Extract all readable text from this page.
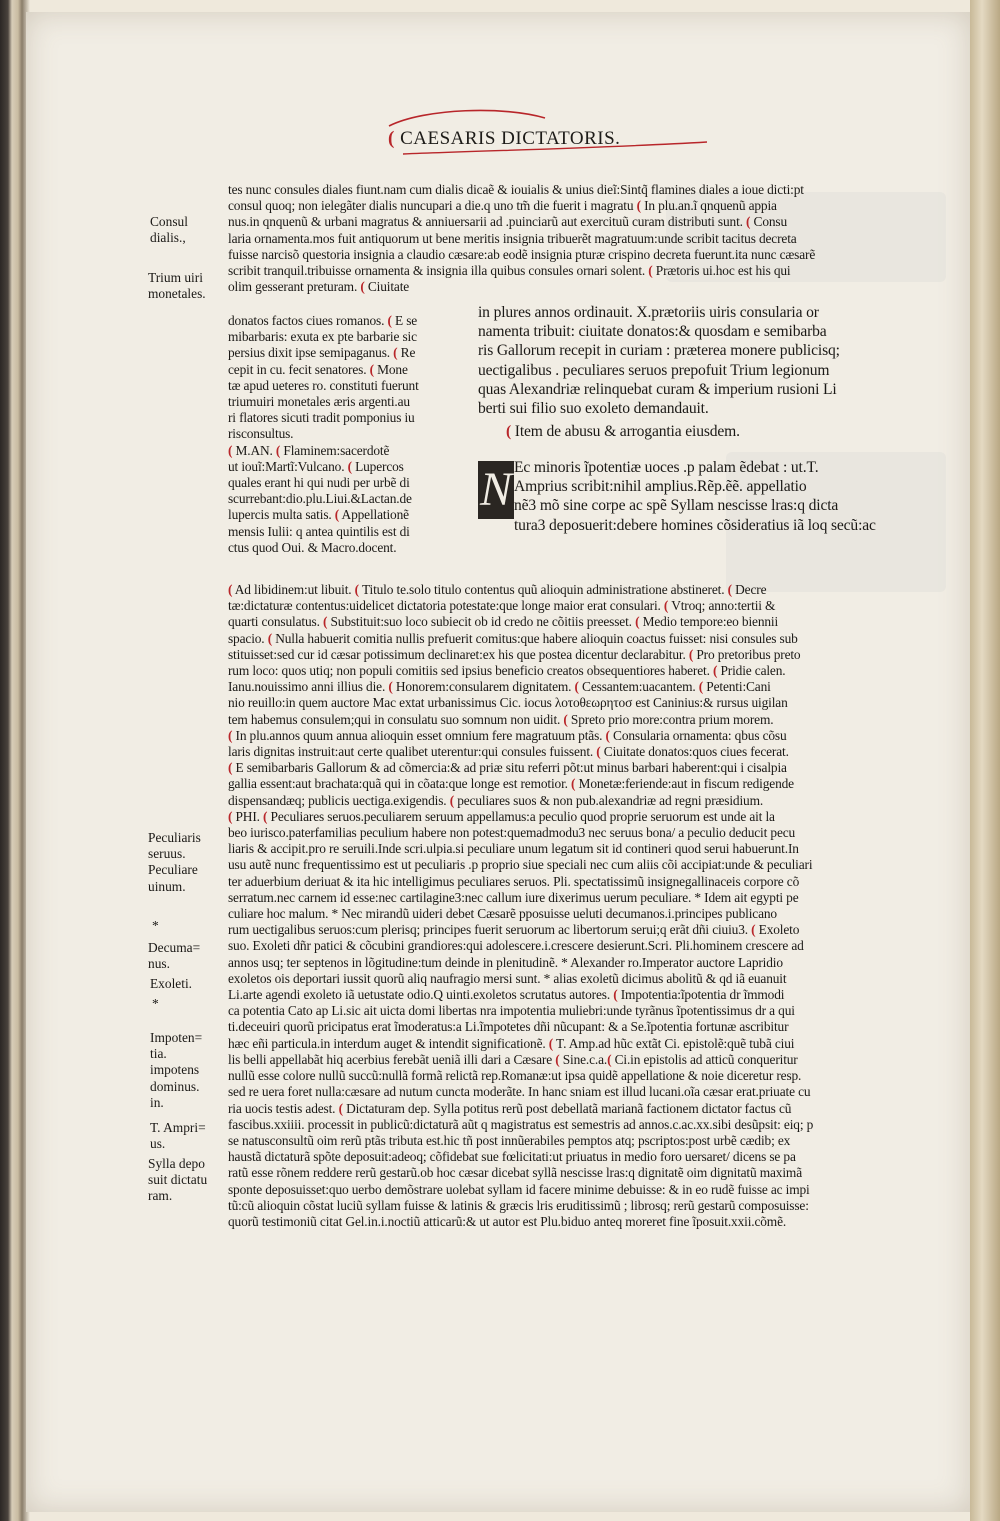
( CAESARIS DICTATORIS.

tes nunc consules diales fiunt.nam cum dialis dicaẽ & iouialis & unius dieĩ:Sintq̃ flamines diales a ioue dicti:pt

consul quoq; non ielegãter dialis nuncupari a die.q uno tm̃ die fuerit i magratu ( In plu.an.ĩ qnquenũ appia

nus.in qnquenũ & urbani magratus & anniuersarii ad .puinciarũ aut exercituũ curam distributi sunt. ( Consu

laria ornamenta.mos fuit antiquorum ut bene meritis insignia tribuerẽt magratuum:unde scribit tacitus decreta

fuisse narcisõ questoria insignia a claudio cæsare:ab eodẽ insignia pturæ crispino decreta fuerunt.ita nunc cæsarẽ

scribit tranquil.tribuisse ornamenta & insignia illa quibus consules ornari solent. ( Prætoris ui.hoc est his qui

olim gesserant preturam. ( Ciuitate

donatos factos ciues romanos. ( E se

mibarbaris: exuta ex pte barbarie sic

persius dixit ipse semipaganus. ( Re

cepit in cu. fecit senatores. ( Mone

tæ apud ueteres ro. constituti fuerunt

triumuiri monetales æris argenti.au

ri flatores sicuti tradit pomponius iu

risconsultus.

( M.AN. ( Flaminem:sacerdotẽ

ut iouĩ:Martĩ:Vulcano. ( Lupercos

quales erant hi qui nudi per urbẽ di

scurrebant:dio.plu.Liui.&Lactan.de

lupercis multa satis. ( Appellationẽ

mensis Iulii: q antea quintilis est di

ctus quod Oui. & Macro.docent.

in plures annos ordinauit. X.prætoriis uiris consularia or

namenta tribuit: ciuitate donatos:& quosdam e semibarba

ris Gallorum recepit in curiam : præterea monere publicisq;

uectigalibus . peculiares seruos prepofuit Trium legionum

quas Alexandriæ relinquebat curam & imperium rusioni Li

berti sui filio suo exoleto demandauit.

( Item de abusu & arrogantia eiusdem.

N Ec minoris ĩpotentiæ uoces .p palam ẽdebat : ut.T.

Amprius scribit:nihil amplius.Rẽp.ẽẽ. appellatio

nẽ3 mõ sine corpe ac spẽ Syllam nescisse lras:q dicta

tura3 deposuerit:debere homines cõsideratius iã loq secũ:ac

( Ad libidinem:ut libuit. ( Titulo te.solo titulo contentus quũ alioquin administratione abstineret. ( Decre

tæ:dictaturæ contentus:uidelicet dictatoria potestate:que longe maior erat consulari. ( Vtroq; anno:tertii &

quarti consulatus. ( Substituit:suo loco subiecit ob id credo ne cõitiis preesset. ( Medio tempore:eo biennii

spacio. ( Nulla habuerit comitia nullis prefuerit comitus:que habere alioquin coactus fuisset: nisi consules sub

stituisset:sed cur id cæsar potissimum declinaret:ex his que postea dicentur declarabitur. ( Pro pretoribus preto

rum loco: quos utiq; non populi comitiis sed ipsius beneficio creatos obsequentiores haberet. ( Pridie calen.

Ianu.nouissimo anni illius die. ( Honorem:consularem dignitatem. ( Cessantem:uacantem. ( Petenti:Cani

nio reuillo:in quem auctore Mac extat urbanissimus Cic. iocus λοτοθεωρητοσ est Caninius:& rursus uigilan

tem habemus consulem;qui in consulatu suo somnum non uidit. ( Spreto prio more:contra prium morem.

( In plu.annos quum annua alioquin esset omnium fere magratuum ptãs. ( Consularia ornamenta: qbus cõsu

laris dignitas instruit:aut certe qualibet uterentur:qui consules fuissent. ( Ciuitate donatos:quos ciues fecerat.

( E semibarbaris Gallorum & ad cõmercia:& ad priæ situ referri põt:ut minus barbari haberent:qui i cisalpia

gallia essent:aut brachata:quã qui in cõata:que longe est remotior. ( Monetæ:feriende:aut in fiscum redigende

dispensandæq; publicis uectiga.exigendis. ( peculiares suos & non pub.alexandriæ ad regni præsidium.

( PHI. ( Peculiares seruos.peculiarem seruum appellamus:a peculio quod proprie seruorum est unde ait la

beo iurisco.paterfamilias peculium habere non potest:quemadmodu3 nec seruus bona/ a peculio deducit pecu

liaris & accipit.pro re seruili.Inde scri.ulpia.si peculiare unum legatum sit id contineri quod serui habuerunt.In

usu autẽ nunc frequentissimo est ut peculiaris .p proprio siue speciali nec cum aliis cõi accipiat:unde & peculiari

ter aduerbium deriuat & ita hic intelligimus peculiares seruos. Pli. spectatissimũ insignegallinaceis corpore cõ

serratum.nec carnem id esse:nec cartilagine3:nec callum iure dixerimus uerum peculiare. * Idem ait egypti pe

culiare hoc malum. * Nec mirandũ uideri debet Cæsarẽ pposuisse ueluti decumanos.i.principes publicano

rum uectigalibus seruos:cum plerisq; principes fuerit seruorum ac libertorum serui;q erãt dñi ciuiu3. ( Exoleto

suo. Exoleti dñr patici & cõcubini grandiores:qui adolescere.i.crescere desierunt.Scri. Pli.hominem crescere ad

annos usq; ter septenos in lõgitudine:tum deinde in plenitudinẽ. * Alexander ro.Imperator auctore Lapridio

exoletos ois deportari iussit quorũ aliq naufragio mersi sunt. * alias exoletũ dicimus abolitũ & qd iã euanuit

Li.arte agendi exoleto iã uetustate odio.Q uinti.exoletos scrutatus autores. ( Impotentia:ĩpotentia dr ĩmmodi

ca potentia Cato ap Li.sic ait uicta domi libertas nra impotentia muliebri:unde tyrãnus ĩpotentissimus dr a qui

ti.deceuiri quorũ pricipatus erat ĩmoderatus:a Li.ĩmpotetes dñi nũcupant: & a Se.ĩpotentia fortunæ ascribitur

hæc eñi particula.in interdum auget & intendit significationẽ. ( T. Amp.ad hũc extãt Ci. epistolẽ:quẽ tubã ciui

lis belli appellabãt hiq acerbius ferebãt ueniã illi dari a Cæsare ( Sine.c.a.( Ci.in epistolis ad atticũ conqueritur

nullũ esse colore nullũ succũ:nullã formã relictã rep.Romanæ:ut ipsa quidẽ appellatione & noie diceretur resp.

sed re uera foret nulla:cæsare ad nutum cuncta moderãte. In hanc sniam est illud lucani.oĩa cæsar erat.priuate cu

ria uocis testis adest. ( Dictaturam dep. Sylla potitus rerũ post debellatã marianã factionem dictator factus cũ

fascibus.xxiiii. processit in publicũ:dictaturã aũt q magistratus est semestris ad annos.c.ac.xx.sibi desũpsit: eiq; p

se natusconsultũ oim rerũ ptãs tributa est.hic tñ post innũerabiles pemptos atq; pscriptos:post urbẽ cædib; ex

haustã dictaturã spõte deposuit:adeoq; cõfidebat sue fœlicitati:ut priuatus in medio foro uersaret/ dicens se pa

ratũ esse rõnem reddere rerũ gestarũ.ob hoc cæsar dicebat syllã nescisse lras:q dignitatẽ oim dignitatũ maximã

sponte deposuisset:quo uerbo demõstrare uolebat syllam id facere minime debuisse: & in eo rudẽ fuisse ac impi

tũ:cũ alioquin cõstat luciũ syllam fuisse & latinis & græcis lris eruditissimũ ; librosq; rerũ gestarũ composuisse:

quorũ testimoniũ citat Gel.in.i.noctiũ atticarũ:& ut autor est Plu.biduo anteq moreret fine ĩposuit.xxii.cõmẽ.

Consul

dialis.,

Trium uiri

monetales.

Peculiaris

seruus.

Peculiare

uinum.

*

Decuma=

nus.

Exoleti.
*

Impoten=

tia.

impotens

dominus.

in.

T. Ampri=

us.

Sylla depo

suit dictatu

ram.
